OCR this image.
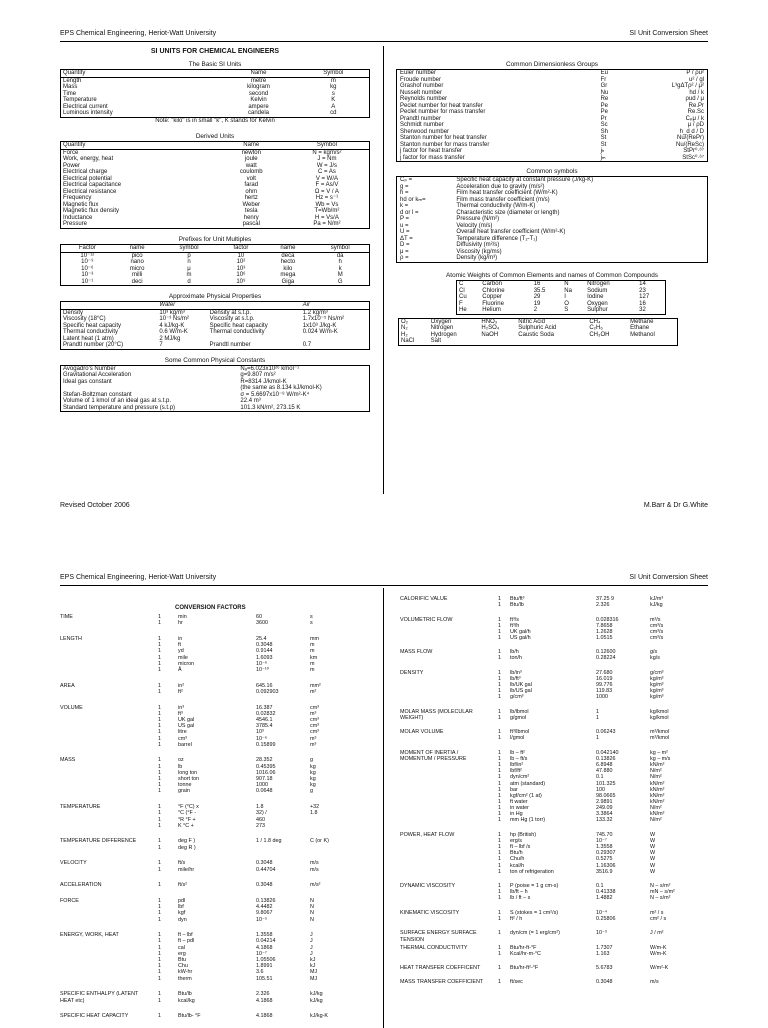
EPS Chemical Engineering, Heriot-Watt University	SI Unit Conversion Sheet
SI UNITS FOR CHEMICAL ENGINEERS
The Basic SI Units
Quantity	Name	Symbol
Length	metre	m
Mass	kilogram	kg
Time	second	s
Temperature	Kelvin	K
Electrical current	ampere	A
Luminous intensity	candela	cd
Note: "kilo" is in small "k", K stands for Kelvin
Derived Units
Quantity	Name	Symbol
Force	newton	N = kgm/s²
Work, energy, heat	joule	J = Nm
Power	watt	W = J/s
Electrical charge	coulomb	C = As
Electrical potential	volt	V = W/A
Electrical capacitance	farad	F = As/V
Electrical resistance	ohm	Ω = V / A
Frequency	hertz	Hz = s⁻¹
Magnetic flux	Weber	Wb = Vs
Magnetic flux density	tesla	T=Wb/m²
Inductance	henry	H = Vs/A
Pressure	pascal	Pa = N/m²
Prefixes for Unit Multiples
Factor	name	symbol	factor	name	symbol
10⁻¹²	pico	p	10	deca	da
10⁻⁹	nano	n	10²	hecto	h
10⁻⁶	micro	μ	10³	kilo	k
10⁻³	milli	m	10⁶	mega	M
10⁻¹	deci	d	10⁹	Giga	G
Approximate Physical Properties
	Water		Air
Density	10³ kg/m³	Density at s.t.p.	1.2 kg/m³
Viscosity (18°C)	10⁻³ Ns/m²	Viscosity at s.t.p.	1.7x10⁻⁵ Ns/m²
Specific heat capacity	4 kJ/kg-K	Specific heat capacity	1x10³ J/kg-K
Thermal conductivity	0.6 W/m-K	Thermal conductivity	0.024 W/m-K
Latent heat (1 atm)	2 MJ/kg		
Prandtl number (20°C)	7	Prandtl number	0.7
Some Common Physical Constants
Avogadro's Number	Nₐ=6.023x10²⁶ kmol⁻¹
Gravitational Acceleration	g=9.807 m/s²
Ideal gas constant	R=8314 J/kmol-K
	(the same as 8.134 kJ/kmol-K)
Stefan-Boltzman constant	σ = 5.6697x10⁻⁸ W/m²-K⁴
Volume of 1 kmol of an ideal gas at s.t.p.	22.4 m³
Standard temperature and pressure (s.t.p)	101.3 kN/m², 273.15 K
Common Dimensionless Groups
Euler number	Eu	P / ρu²
Froude number	Fr	u² / gl
Grashof number	Gr	L³gΔTρ² / μ²
Nusselt number	Nu	hd / k
Reynolds number	Re	ρud / μ
Peclet number for heat transfer	Pe	Re.Pr
Peclet number for mass transfer	Pe	Re.Sc
Prandtl number	Pr	Cₚμ / k
Schmidt number	Sc	μ / ρD
Sherwood number	Sh	h_d d / D
Stanton number for heat transfer	St	Nu/(RePr)
Stanton number for mass transfer	St	Nu/(ReSc)
j factor for heat transfer	jₕ	StPr⁰·⁶⁷
j factor for mass transfer	jₘ	StSc⁰·⁶⁷
Common symbols
Cₚ =	Specific heat capacity at constant pressure (J/kg-K)
g =	Acceleration due to gravity (m/s²)
h =	Film heat transfer coefficient (W/m²-K)
hd or kₘ=	Film mass transfer coefficient (m/s)
k =	Thermal conductivity (W/m-K)
d or l =	Characteristic size (diameter or length)
P =	Pressure (N/m²)
u =	Velocity (m/s)
U =	Overall heat transfer coefficient (W/m²-K)
ΔT =	Temperature difference (T₂-T₁)
D =	Diffusivity (m²/s)
μ =	Viscosity (kg/ms)
ρ =	Density (kg/m³)
Atomic Weights of Common Elements and names of Common Compounds
C	Carbon	16	N	Nitrogen	14
Cl	Chlorine	35.5	Na	Sodium	23
Cu	Copper	29	I	Iodine	127
F	Fluorine	19	O	Oxygen	16
He	Helium	2	S	Sulphur	32
O₂	Oxygen	HNO₃	Nitric Acid	CH₄	Methane
N₂	Nitrogen	H₂SO₄	Sulphuric Acid	C₂H₆	Ethane
H₂	Hydrogen	NaOH	Caustic Soda	CH₃OH	Methanol
NaCl	Salt				
Revised October 2006	M.Barr & Dr G.White
EPS Chemical Engineering, Heriot-Watt University	SI Unit Conversion Sheet
CONVERSION FACTORS
TIME	1	min	60	s
1	hr	3600	s
LENGTH	1	in	25.4	mm
1	ft	0.3048	m
1	yd	0.9144	m
1	mile	1.6093	km
1	micron	10⁻⁶	m
1	Å	10⁻¹⁰	m
AREA	1	in²	645.16	mm²
1	ft²	0.092903	m²
VOLUME	1	in³	16.387	cm³
1	ft³	0.02832	m³
1	UK gal	4546.1	cm³
1	US gal	3785.4	cm³
1	litre	10³	cm³
1	cm³	10⁻⁶	m³
1	barrel	0.15899	m³
MASS	1	oz	28.352	g
1	lb	0.45395	kg
1	long ton	1016.06	kg
1	short ton	907.18	kg
1	tonne	1000	kg
1	grain	0.0648	g
TEMPERATURE	1	°F (°C) x	1.8	+32
1	°C (°F -	32) /	1.8
1	°R °F +	460
1	K °C +	273
TEMPERATURE DIFFERENCE	1	deg F )	1 / 1.8 deg	C (or K)
1	deg R )
VELOCITY	1	ft/s	0.3048	m/s
1	mile/hr	0.44704	m/s
ACCELERATION	1	ft/s²	0.3048	m/s²
FORCE	1	pdl	0.13826	N
1	lbf	4.4482	N
1	kgf	9.8067	N
1	dyn	10⁻⁵	N
ENERGY, WORK, HEAT	1	ft – lbf	1.3558	J
1	ft – pdl	0.04214	J
1	cal	4.1868	J
1	erg	10⁻⁷	J
1	Btu	1.05506	kJ
1	Chu	1.8991	kJ
1	kW-hr	3.6	MJ
1	therm	105.51	MJ
SPECIFIC ENTHALPY (LATENT HEAT etc)
1	Btu/lb	2.326	kJ/kg
1	kcal/kg	4.1868	kJ/kg
SPECIFIC HEAT CAPACITY	1	Btu/lb- °F	4.1868	kJ/kg-K
CALORIFIC VALUE	1 Btu/ft³	37.25 9	kJ/m³
1 Btu/lb	2.326	kJ/kg
VOLUMETRIC FLOW	1 ft³/s	0.028316	m³/s
1 ft³/h	7.8658	cm³/s
1 UK gal/h	1.2628	cm³/s
1 US gal/h	1.0515	cm³/s
MASS FLOW	1 lb/h	0.12600	g/s
1 ton/h	0.28224	kg/s
DENSITY	1 lb/in³	27.680	g/cm³
1 lb/ft³	16.019	kg/m³
1 lb/UK gal	99.776	kg/m³
1 lb/US gal	119.83	kg/m³
1 g/cm³	1000	kg/m³
MOLAR MASS (MOLECULAR WEIGHT)
1 lb/lbmol	1	kg/kmol
1 g/gmol	1	kg/kmol
MOLAR VOLUME	1 ft³/lbmol	0.06243	m³/kmol
1 l/gmol	1	m³/kmol
MOMENT OF INERTIA / MOMENTUM / PRESSURE
1 lb – ft²	0.042140	kg – m²
1 lb – ft/s	0.13826	kg – m/s
1 lbf/in²	6.8948	kN/m²
1 lbf/ft²	47.880	N/m²
1 dyn/cm²	0.1	N/m²
1 atm (standard)	101.325	kN/m²
1 bar	100	kN/m²
1 kgf/cm² (1 at)	98.0665	kN/m²
1 ft water	2.9891	kN/m²
1 in water	249.09	N/m²
1 in Hg	3.3864	kN/m²
1 mm Hg (1 torr)	133.32	N/m²
POWER, HEAT FLOW	1 hp (British)	745.70	W
1 erg/s	10⁻⁷	W
1 ft – lbf /s	1.3558	W
1 Btu/h	0.29307	W
1 Chu/h	0.5275	W
1 kcal/h	1.16306	W
1 ton of refrigeration	3516.9	W
DYNAMIC VISCOSITY	1 P (poise = 1 g cm-s)	0.1	N – s/m²
1 lb/ft – h	0.41338	mN – s/m²
1 lb / ft – s	1.4882	N – s/m²
KINEMATIC VISCOSITY	1 S (stokes = 1 cm²/s)	10⁻⁴	m² / s
1 ft² / h	0.25806	cm² / s
SURFACE ENERGY SURFACE TENSION
1 dyn/cm (= 1 erg/cm²)	10⁻³	J / m²
THERMAL CONDUCTIVITY	1 Btu/hr-ft-°F	1.7307	W/m-K
1 Kcal/hr-m-°C	1.163	W/m-K
HEAT TRANSFER COEFFICENT	1 Btu/hr-ft²-°F	5.6783	W/m²-K
MASS TRANSFER COEFFICIENT	1 ft/sec	0.3048	m/s
